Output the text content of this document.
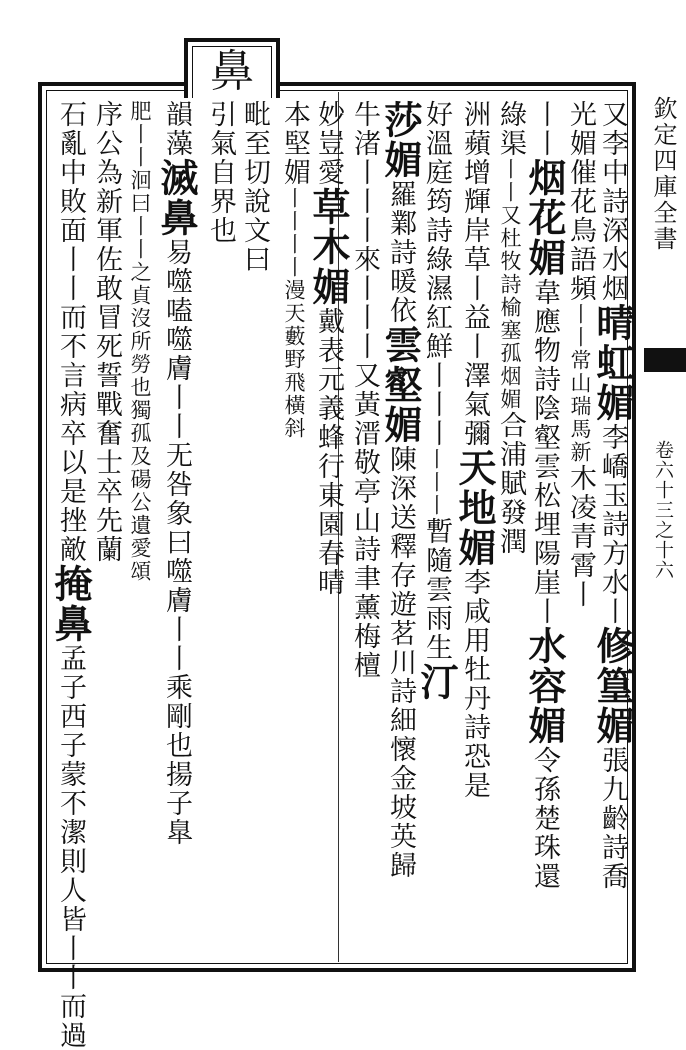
鼻
欽定四庫全書
卷六十三之十六
又李中詩深水烟晴虹媚李嶠玉詩方水丨修篁媚張九齡詩喬
光媚催花鳥語頻丨丨常山瑞馬新木凌青霄丨
丨丨烟花媚韋應物詩陰壑雲松埋陽崖丨水容媚令孫楚珠還
綠渠丨丨又杜牧詩榆塞孤烟媚合浦賦發潤
洲蘋增輝岸草丨益丨澤氣彌天地媚李咸用牡丹詩恐是
好溫庭筠詩綠濕紅鮮丨丨丨丨丨丨暫隨雲雨生汀
莎媚羅鄴詩暖依雲壑媚陳深送釋存遊茗川詩細懷金坡英歸
牛渚丨丨丨來丨丨丨又黃溍敬亭山詩聿薰梅檀
妙豈愛草木媚戴表元義蜂行東園春晴
本堅媚丨丨丨丨漫天藪野飛橫斜
毗至切說文曰
引氣自界也
韻藻滅鼻易噬嗑噬膚丨丨无咎象曰噬膚丨丨乘剛也揚子臯
肥丨丨洄曰丨丨之貞沒所勞也獨孤及碭公遺愛頌
序公為新軍佐敢冒死誓戰奮士卒先蘭
石亂中敗面丨丨而不言病卒以是挫敵掩鼻孟子西子蒙不潔則人皆丨丨而過
